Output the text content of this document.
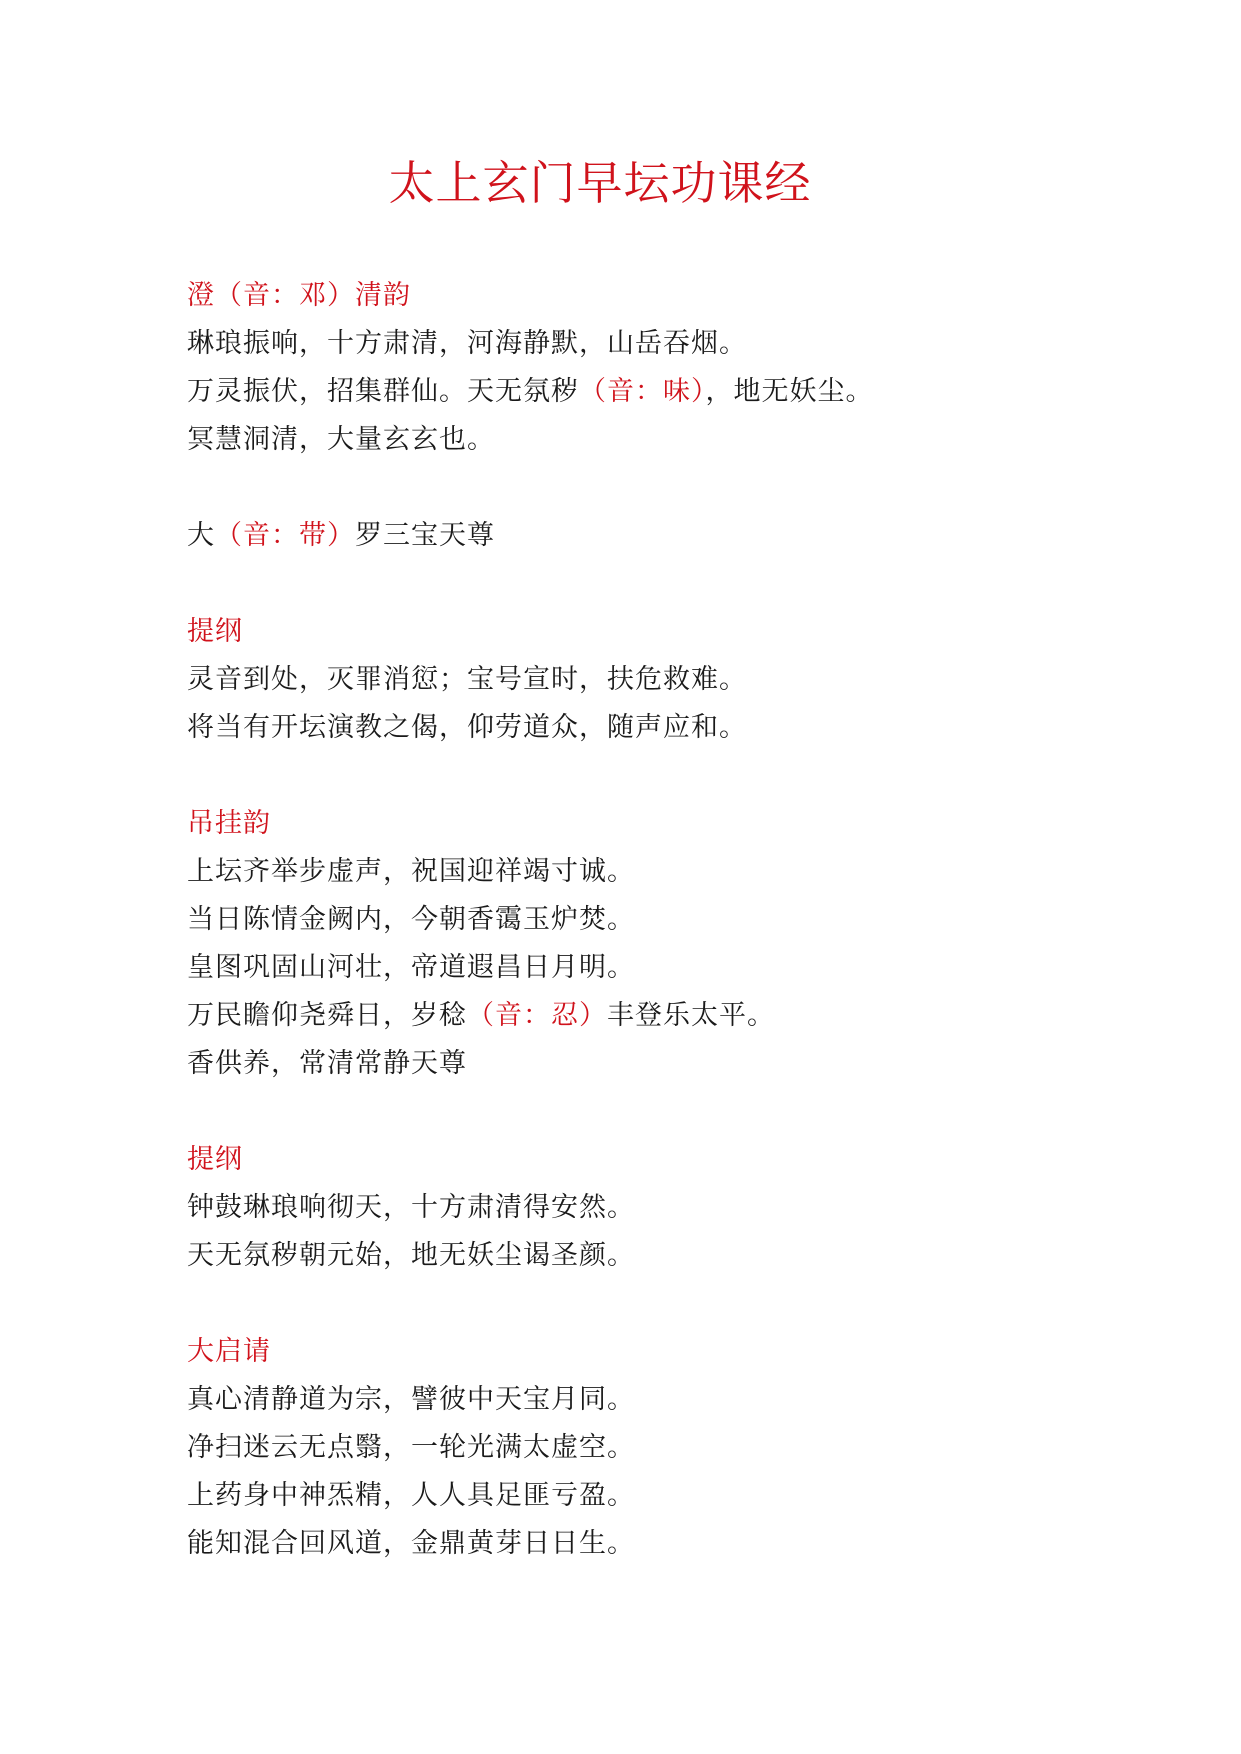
太上玄门早坛功课经
澄（音：邓）清韵
琳琅振响，十方肃清，河海静默，山岳吞烟。
万灵振伏，招集群仙。天无氛秽（音：味），地无妖尘。
冥慧洞清，大量玄玄也。
大（音：带）罗三宝天尊
提纲
灵音到处，灭罪消愆；宝号宣时，扶危救难。
将当有开坛演教之偈，仰劳道众，随声应和。
吊挂韵
上坛齐举步虚声，祝国迎祥竭寸诚。
当日陈情金阙内，今朝香霭玉炉焚。
皇图巩固山河壮，帝道遐昌日月明。
万民瞻仰尧舜日，岁稔（音：忍）丰登乐太平。
香供养，常清常静天尊
提纲
钟鼓琳琅响彻天，十方肃清得安然。
天无氛秽朝元始，地无妖尘谒圣颜。
大启请
真心清静道为宗，譬彼中天宝月同。
净扫迷云无点翳，一轮光满太虚空。
上药身中神炁精，人人具足匪亏盈。
能知混合回风道，金鼎黄芽日日生。
